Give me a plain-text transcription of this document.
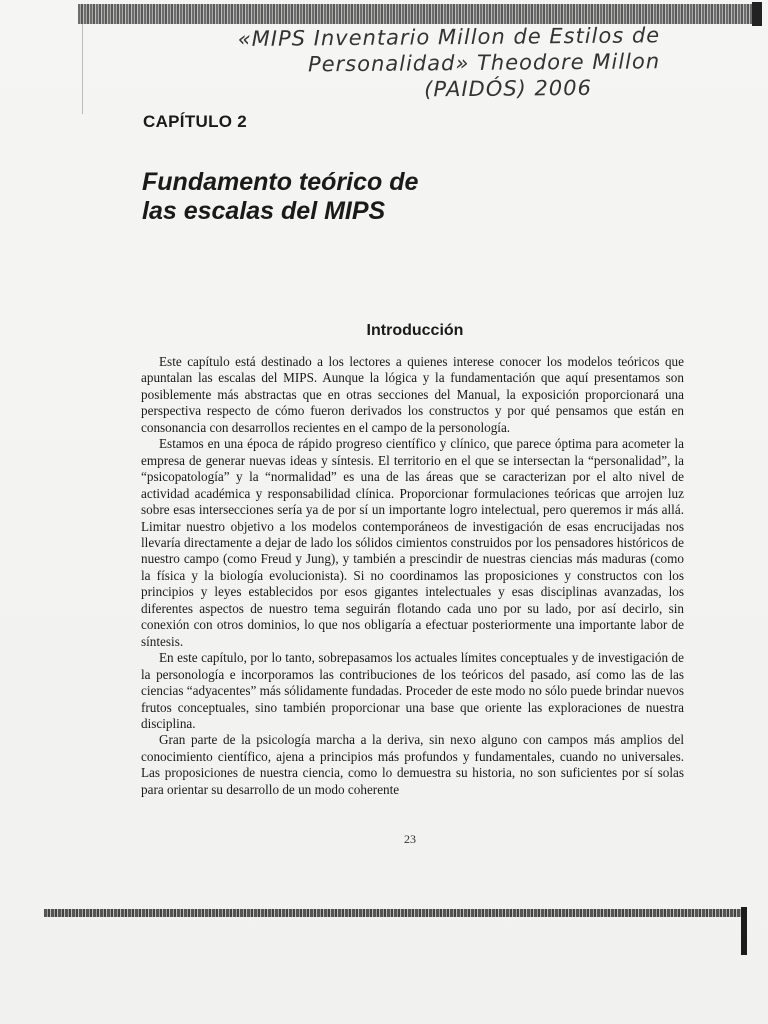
«MIPS Inventario Millon de Estilos de
Personalidad» Theodore Millon
(PAIDÓS) 2006
CAPÍTULO 2
Fundamento teórico de
las escalas del MIPS
Introducción

Este capítulo está destinado a los lectores a quienes interese conocer los modelos teóricos que apuntalan las escalas del MIPS. Aunque la lógica y la fundamentación que aquí presentamos son posiblemente más abstractas que en otras secciones del Manual, la exposición proporcionará una perspectiva respecto de cómo fueron derivados los constructos y por qué pensamos que están en consonancia con desarrollos recientes en el campo de la personología.

Estamos en una época de rápido progreso científico y clínico, que parece óptima para acometer la empresa de generar nuevas ideas y síntesis. El territorio en el que se intersectan la “personalidad”, la “psicopatología” y la “normalidad” es una de las áreas que se caracterizan por el alto nivel de actividad académica y responsabilidad clínica. Proporcionar formulaciones teóricas que arrojen luz sobre esas intersecciones sería ya de por sí un importante logro intelectual, pero queremos ir más allá. Limitar nuestro objetivo a los modelos contemporáneos de investigación de esas encrucijadas nos llevaría directamente a dejar de lado los sólidos cimientos construidos por los pensadores históricos de nuestro campo (como Freud y Jung), y también a prescindir de nuestras ciencias más maduras (como la física y la biología evolucionista). Si no coordinamos las proposiciones y constructos con los principios y leyes establecidos por esos gigantes intelectuales y esas disciplinas avanzadas, los diferentes aspectos de nuestro tema seguirán flotando cada uno por su lado, por así decirlo, sin conexión con otros dominios, lo que nos obligaría a efectuar posteriormente una importante labor de síntesis.

En este capítulo, por lo tanto, sobrepasamos los actuales límites conceptuales y de investigación de la personología e incorporamos las contribuciones de los teóricos del pasado, así como las de las ciencias “adyacentes” más sólidamente fundadas. Proceder de este modo no sólo puede brindar nuevos frutos conceptuales, sino también proporcionar una base que oriente las exploraciones de nuestra disciplina.

Gran parte de la psicología marcha a la deriva, sin nexo alguno con campos más amplios del conocimiento científico, ajena a principios más profundos y fundamentales, cuando no universales. Las proposiciones de nuestra ciencia, como lo demuestra su historia, no son suficientes por sí solas para orientar su desarrollo de un modo coherente

23
